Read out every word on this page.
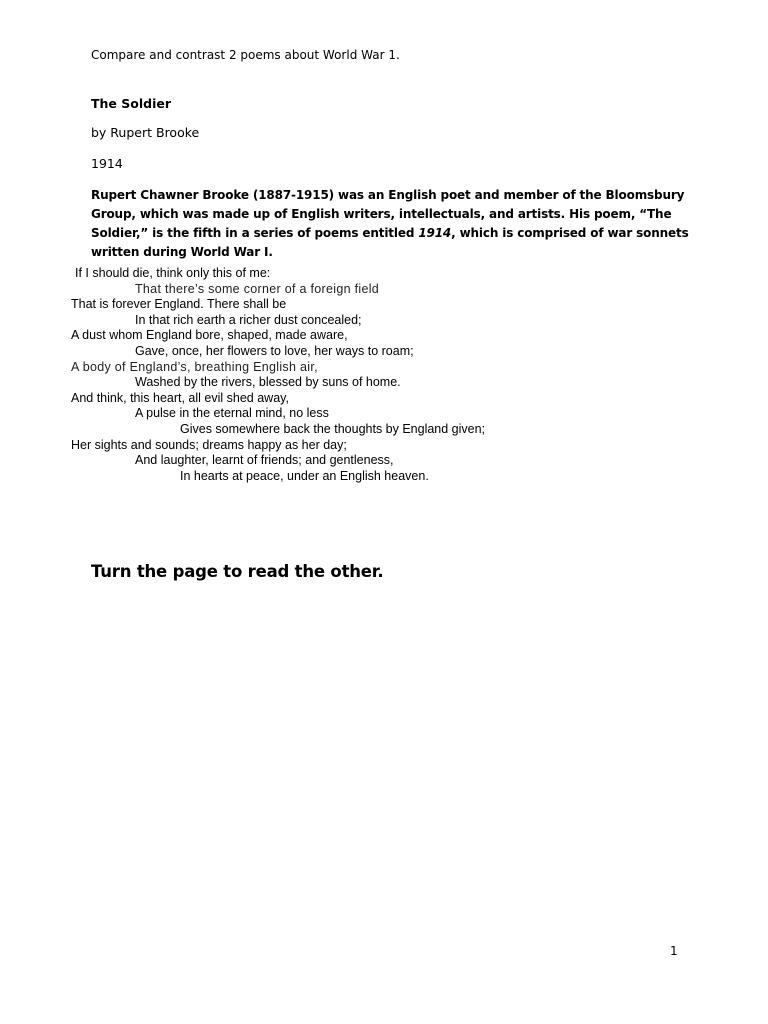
Compare and contrast 2 poems about World War 1.

The Soldier

by Rupert Brooke

1914

Rupert Chawner Brooke (1887-1915) was an English poet and member of the Bloomsbury Group, which was made up of English writers, intellectuals, and artists. His poem, “The Soldier,” is the fifth in a series of poems entitled 1914, which is comprised of war sonnets written during World War I.

If I should die, think only this of me:
That there’s some corner of a foreign field
That is forever England. There shall be
In that rich earth a richer dust concealed;
A dust whom England bore, shaped, made aware,
Gave, once, her flowers to love, her ways to roam;
A body of England’s, breathing English air,
Washed by the rivers, blessed by suns of home.
And think, this heart, all evil shed away,
A pulse in the eternal mind, no less
Gives somewhere back the thoughts by England given;
Her sights and sounds; dreams happy as her day;
And laughter, learnt of friends; and gentleness,
In hearts at peace, under an English heaven.

Turn the page to read the other.

1
